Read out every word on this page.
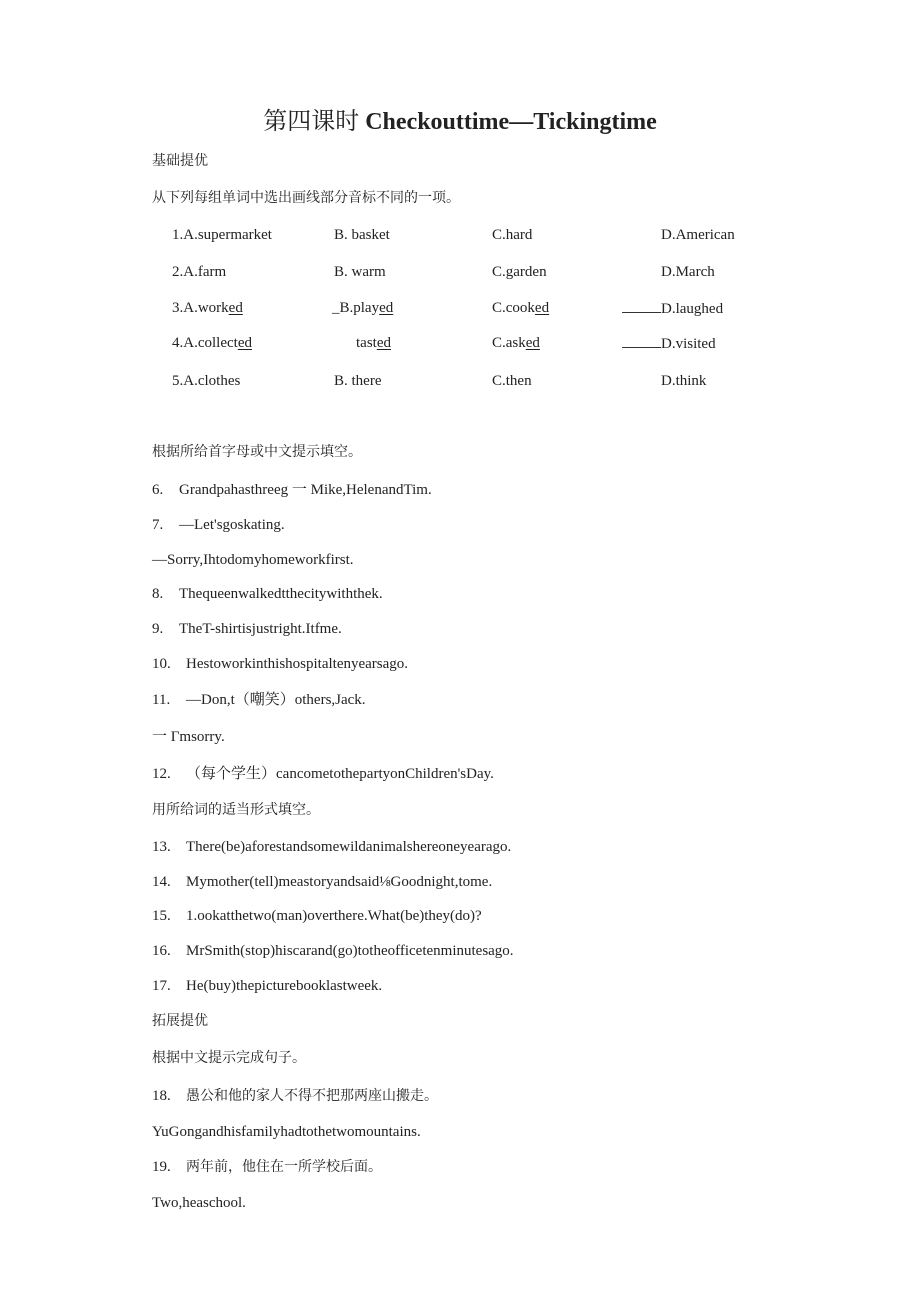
第四课时 Checkouttime—Tickingtime
基础提优
从下列每组单词中选出画线部分音标不同的一项。
1.A.supermarket	B. basket	C.hard	D.American
2.A.farm	B. warm	C.garden	D.March
3.A.worked	_B.played	C.cooked	D.laughed
4.A.collected	tasted	C.asked	D.visited
5.A.clothes	B. there	C.then	D.think
根据所给首字母或中文提示填空。
6. Grandpahasthreeg 一 Mike,HelenandTim.
7. —Let'sgoskating.
—Sorry,Ihtodomyhomeworkfirst.
8. Thequeenwalkedtthecitywiththek.
9. TheT-shirtisjustright.Itfme.
10. Hestoworkinthishospitaltenyearsago.
11. —Don,t（嘲笑）others,Jack.
一 Γmsorry.
12. （每个学生）cancometothepartyonChildren'sDay.
用所给词的适当形式填空。
13. There(be)aforestandsomewildanimalshereoneyearago.
14. Mymother(tell)meastoryandsaid⅛Goodnight,tome.
15. 1.ookatthetwo(man)overthere.What(be)they(do)?
16. MrSmith(stop)hiscarand(go)totheofficetenminutesago.
17. He(buy)thepicturebooklastweek.
拓展提优
根据中文提示完成句子。
18. 愚公和他的家人不得不把那两座山搬走。
YuGongandhisfamilyhadtothetwomountains.
19. 两年前，他住在一所学校后面。
Two,heaschool.
